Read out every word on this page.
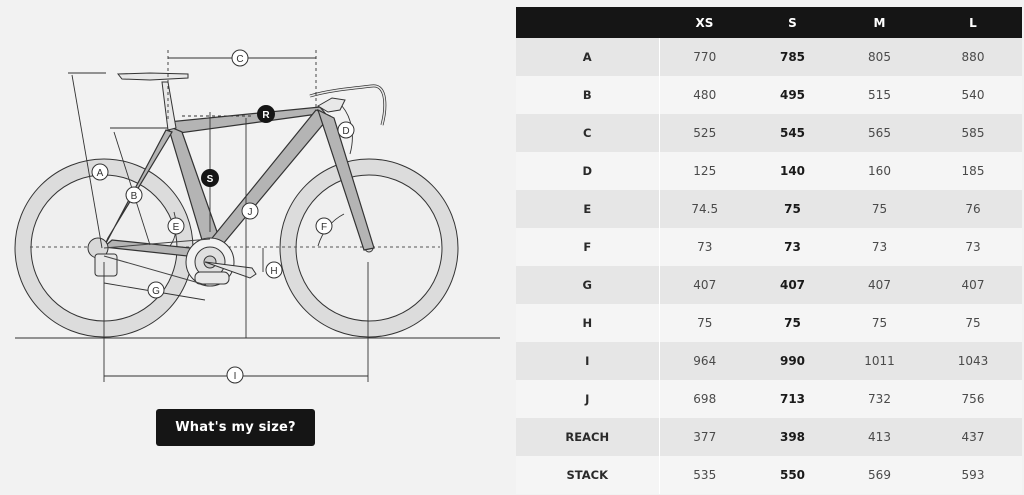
A
B
C
D
E	F
G
H
I
J
R
S
What's my size?
	XS	S	M	L
A	770	785	805	880
B	480	495	515	540
C	525	545	565	585
D	125	140	160	185
E	74.5	75	75	76
F	73	73	73	73
G	407	407	407	407
H	75	75	75	75
I	964	990	1011	1043
J	698	713	732	756
REACH	377	398	413	437
STACK	535	550	569	593
